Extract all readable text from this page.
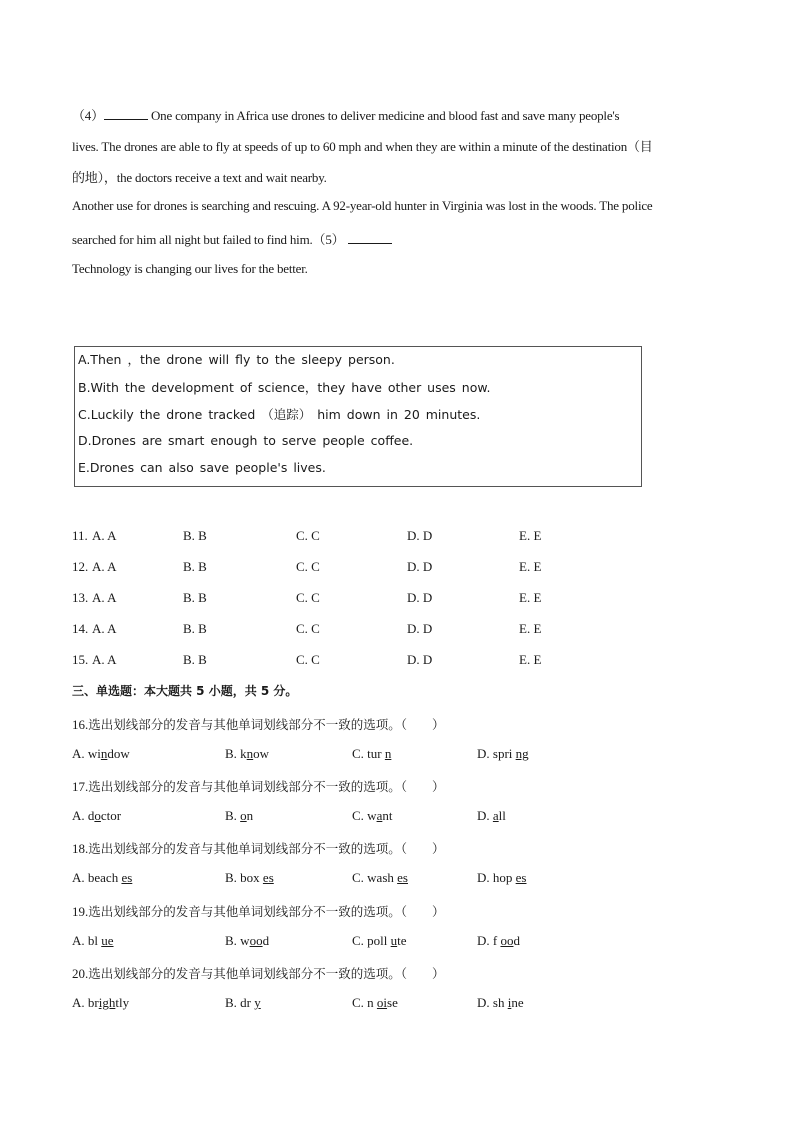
（4）	One company in Africa use drones to deliver medicine and blood fast and save many people's
lives. The drones are able to fly at speeds of up to 60 mph and when they are within a minute of the destination（目
的地），the doctors receive a text and wait nearby.
Another use for drones is searching and rescuing. A 92-year-old hunter in Virginia was lost in the woods. The police
searched for him all night but failed to find him.（5）
Technology is changing our lives for the better.
A.Then ，the drone will fly to the sleepy person.
B.With the development of science，they have other uses now.
C.Luckily the drone tracked （追踪） him down in 20 minutes.
D.Drones are smart enough to serve people coffee.
E.Drones can also save people's lives.
11. A. A	B. B	C. C	D. D	E. E
12. A. A	B. B	C. C	D. D	E. E
13. A. A	B. B	C. C	D. D	E. E
14. A. A	B. B	C. C	D. D	E. E
15. A. A	B. B	C. C	D. D	E. E
三、单选题：本大题共 5 小题，共 5 分。
16.选出划线部分的发音与其他单词划线部分不一致的选项。（　　）
A. window	B. know	C. tur n	D. spri ng
17.选出划线部分的发音与其他单词划线部分不一致的选项。（　　）
A. doctor	B. on	C. want	D. all
18.选出划线部分的发音与其他单词划线部分不一致的选项。（　　）
A. beach es	B. box es	C. wash es	D. hop es
19.选出划线部分的发音与其他单词划线部分不一致的选项。（　　）
A. bl ue	B. wood	C. poll ute	D. f ood
20.选出划线部分的发音与其他单词划线部分不一致的选项。（　　）
A. brightly	B. dr y	C. n oise	D. sh ine
